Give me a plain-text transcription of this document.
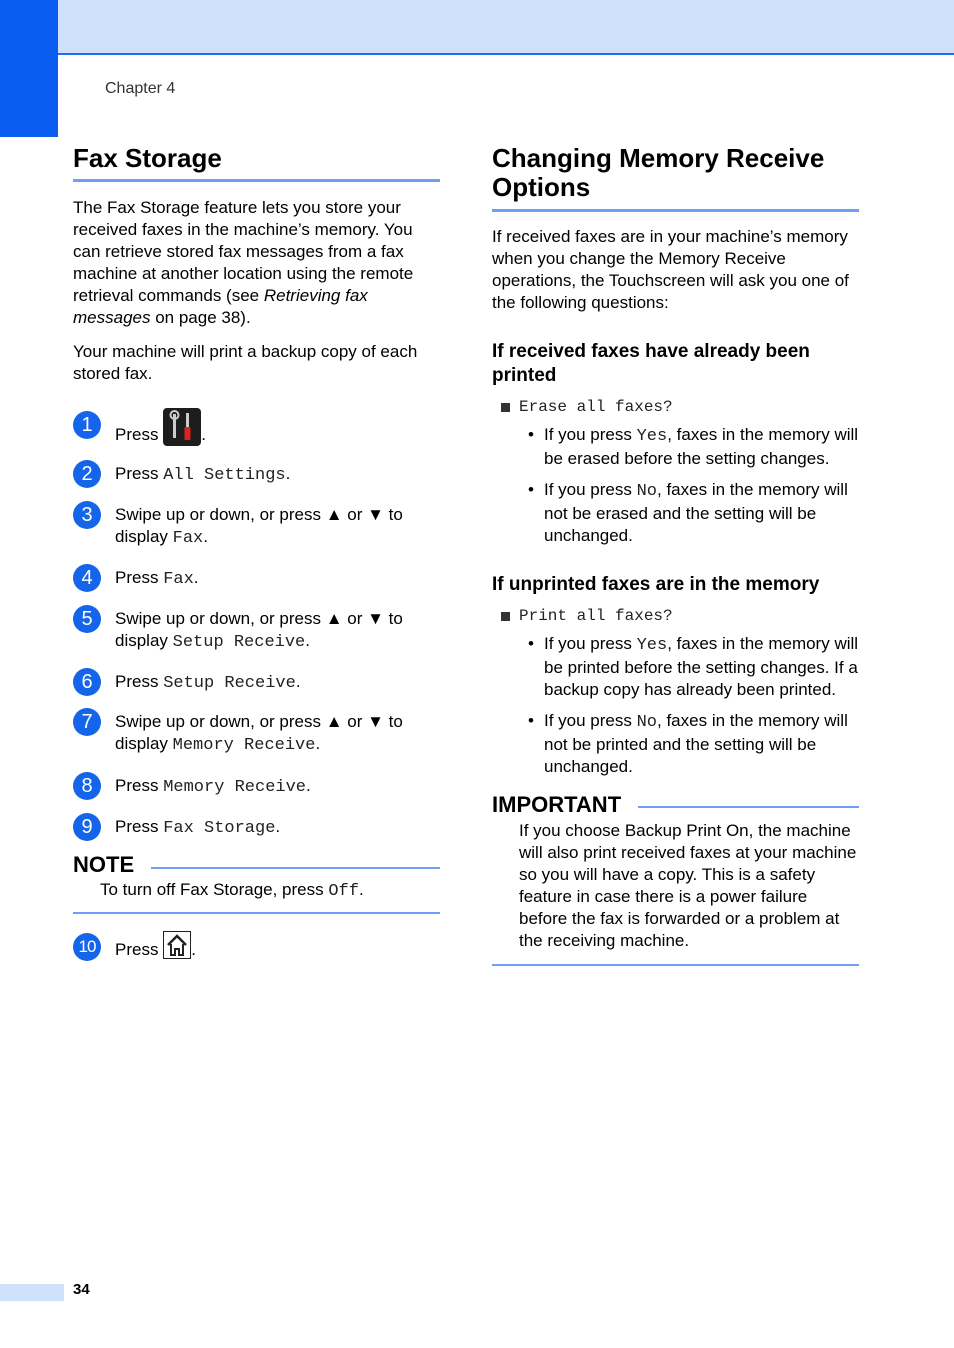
Chapter 4
Fax Storage

The Fax Storage feature lets you store your received faxes in the machine’s memory. You can retrieve stored fax messages from a fax machine at another location using the remote retrieval commands (see Retrieving fax messages on page 38).

Your machine will print a backup copy of each stored fax.

1	Press .
2	Press All Settings.
3	Swipe up or down, or press ▲ or ▼ to display Fax.
4	Press Fax.
5	Swipe up or down, or press ▲ or ▼ to display Setup Receive.
6	Press Setup Receive.
7	Swipe up or down, or press ▲ or ▼ to display Memory Receive.
8	Press Memory Receive.
9	Press Fax Storage.
NOTE
To turn off Fax Storage, press Off.
10	Press .
Changing Memory Receive Options

If received faxes are in your machine’s memory when you change the Memory Receive operations, the Touchscreen will ask you one of the following questions:

If received faxes have already been printed
Erase all faxes?
• If you press Yes, faxes in the memory will be erased before the setting changes.
• If you press No, faxes in the memory will not be erased and the setting will be unchanged.
If unprinted faxes are in the memory
Print all faxes?
• If you press Yes, faxes in the memory will be printed before the setting changes. If a backup copy has already been printed.
• If you press No, faxes in the memory will not be printed and the setting will be unchanged.
IMPORTANT
If you choose Backup Print On, the machine will also print received faxes at your machine so you will have a copy. This is a safety feature in case there is a power failure before the fax is forwarded or a problem at the receiving machine.
34
